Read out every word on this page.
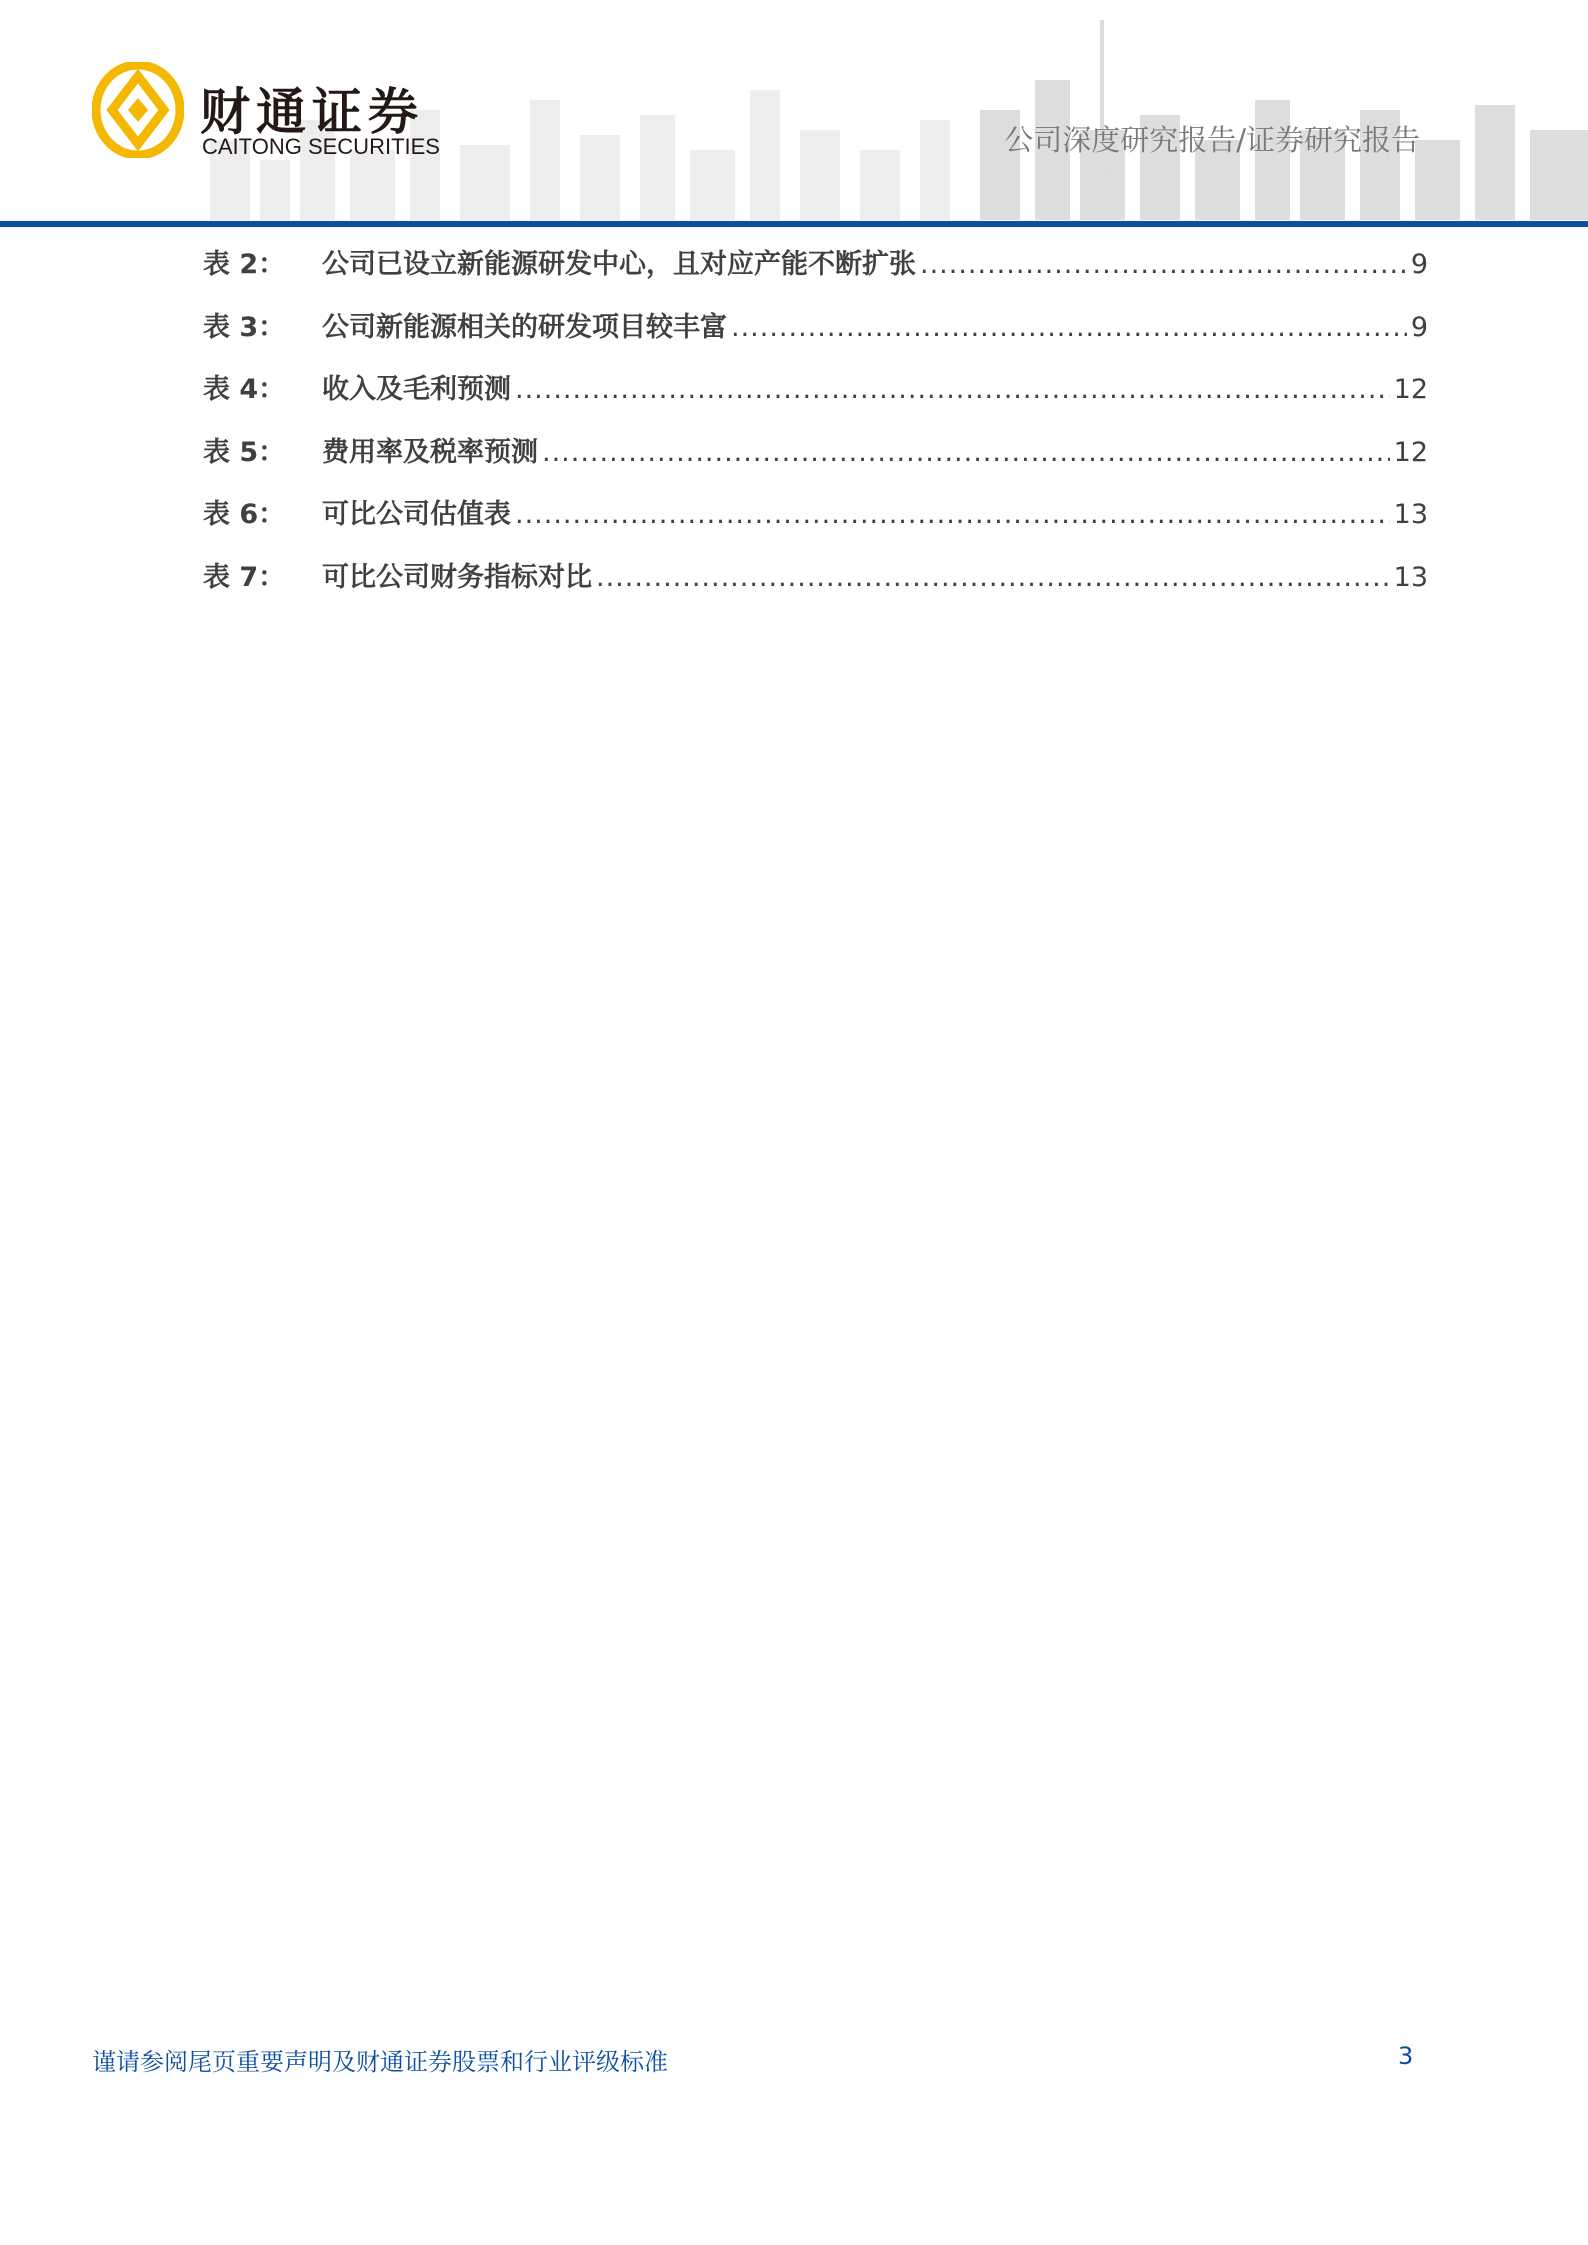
财通证券
CAITONG SECURITIES	公司深度研究报告/证券研究报告
表 2：	公司已设立新能源研发中心，且对应产能不断扩张 .....	9
表 3：	公司新能源相关的研发项目较丰富 .....	9
表 4：	收入及毛利预测 .....	12
表 5：	费用率及税率预测 .....	12
表 6：	可比公司估值表 .....	13
表 7：	可比公司财务指标对比 .....	13
谨请参阅尾页重要声明及财通证券股票和行业评级标准	3
